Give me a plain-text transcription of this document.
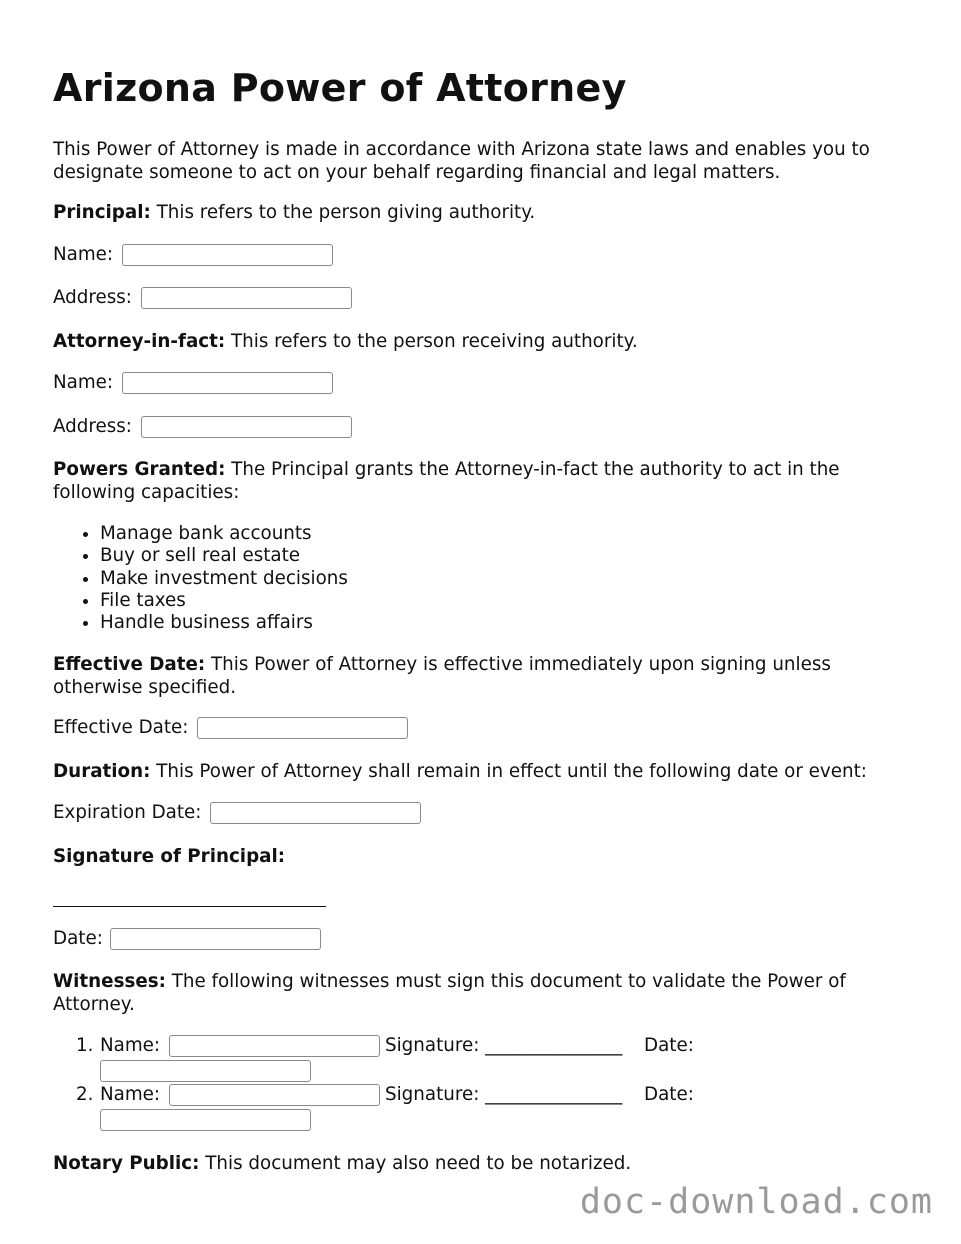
Arizona Power of Attorney

This Power of Attorney is made in accordance with Arizona state laws and enables you to designate someone to act on your behalf regarding financial and legal matters.

Principal: This refers to the person giving authority.

Name:
Address:

Attorney-in-fact: This refers to the person receiving authority.

Name:
Address:

Powers Granted: The Principal grants the Attorney-in-fact the authority to act in the following capacities:

• Manage bank accounts
• Buy or sell real estate
• Make investment decisions
• File taxes
• Handle business affairs

Effective Date: This Power of Attorney is effective immediately upon signing unless otherwise specified.

Effective Date:

Duration: This Power of Attorney shall remain in effect until the following date or event:

Expiration Date:

Signature of Principal:

Date:

Witnesses: The following witnesses must sign this document to validate the Power of Attorney.

1. Name:	Signature: _______________ Date:
2. Name:	Signature: _______________ Date:

Notary Public: This document may also need to be notarized.

doc-download.com
